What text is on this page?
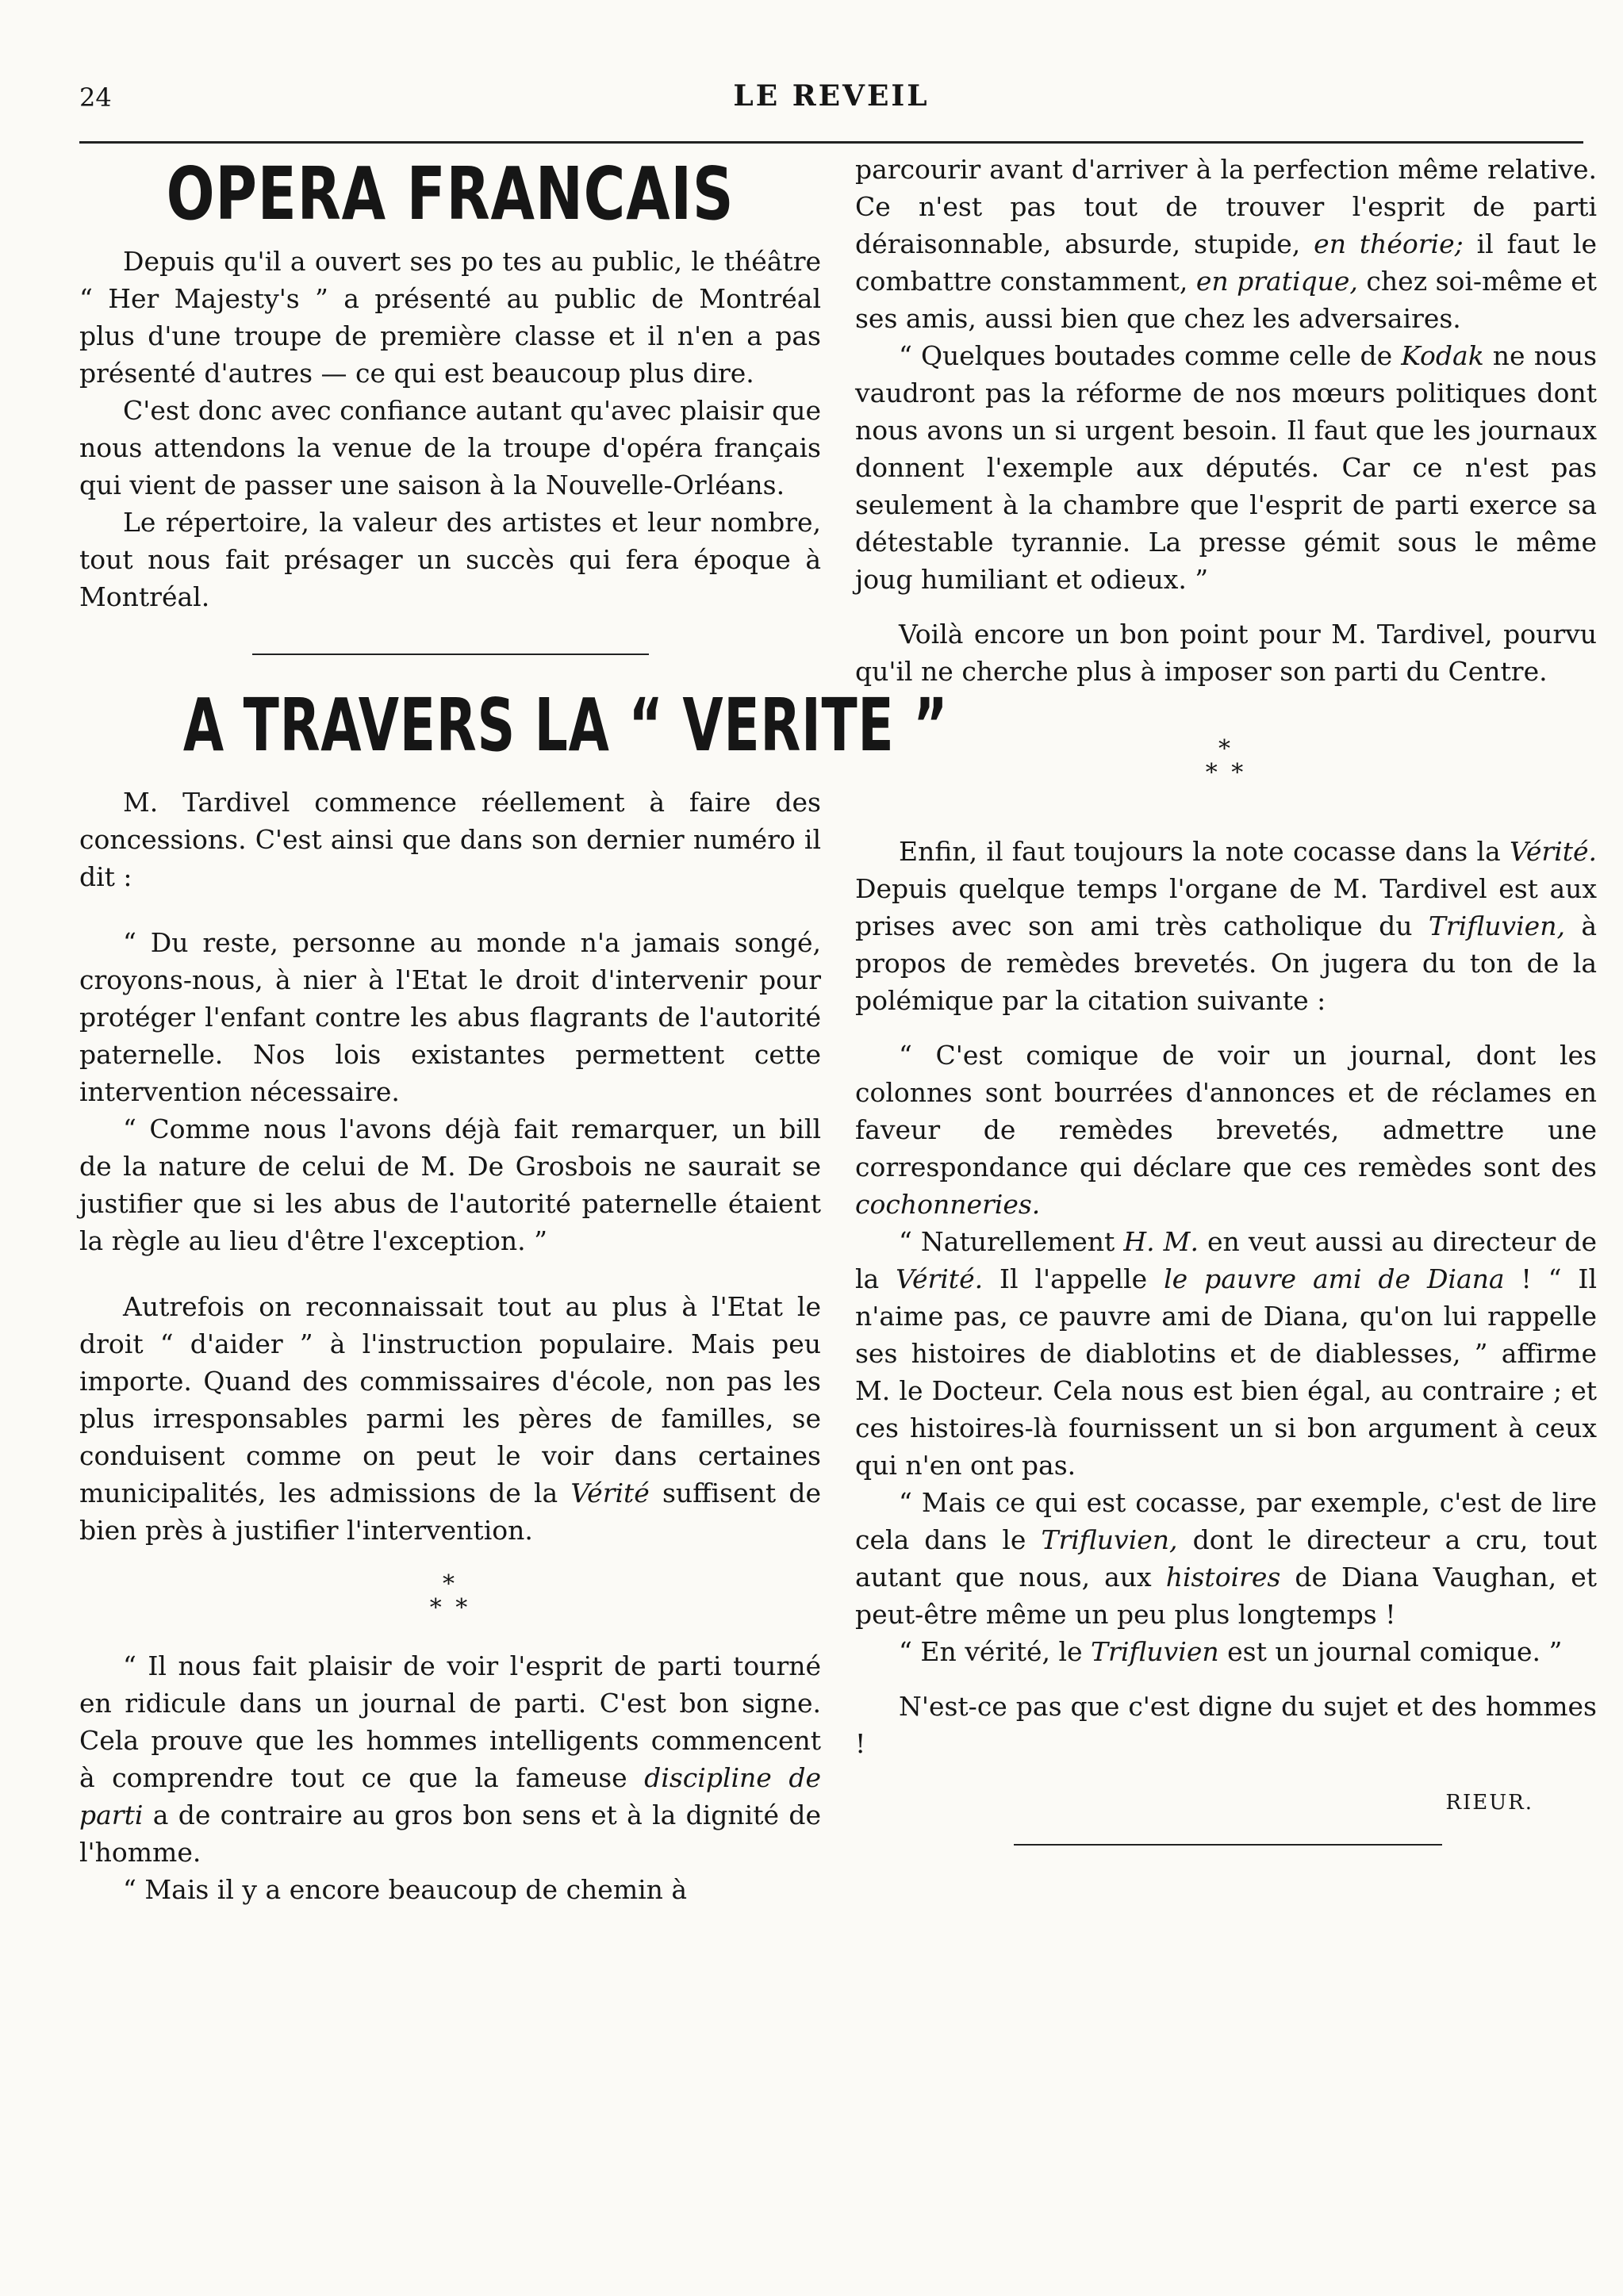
24	LE REVEIL
OPERA FRANCAIS

Depuis qu'il a ouvert ses po tes au public, le théâtre “ Her Majesty's ” a présenté au public de Montréal plus d'une troupe de première classe et il n'en a pas présenté d'autres — ce qui est beaucoup plus dire.

C'est donc avec confiance autant qu'avec plaisir que nous attendons la venue de la troupe d'opéra français qui vient de passer une saison à la Nouvelle-Orléans.

Le répertoire, la valeur des artistes et leur nombre, tout nous fait présager un succès qui fera époque à Montréal.

A TRAVERS LA “ VERITE ”

M. Tardivel commence réellement à faire des concessions. C'est ainsi que dans son dernier numéro il dit :

“ Du reste, personne au monde n'a jamais songé, croyons-nous, à nier à l'Etat le droit d'intervenir pour protéger l'enfant contre les abus flagrants de l'autorité paternelle. Nos lois existantes permettent cette intervention nécessaire.

“ Comme nous l'avons déjà fait remarquer, un bill de la nature de celui de M. De Grosbois ne saurait se justifier que si les abus de l'autorité paternelle étaient la règle au lieu d'être l'exception. ”

Autrefois on reconnaissait tout au plus à l'Etat le droit “ d'aider ” à l'instruction populaire. Mais peu importe. Quand des commissaires d'école, non pas les plus irresponsables parmi les pères de familles, se conduisent comme on peut le voir dans certaines municipalités, les admissions de la Vérité suffisent de bien près à justifier l'intervention.

*
* *

“ Il nous fait plaisir de voir l'esprit de parti tourné en ridicule dans un journal de parti. C'est bon signe. Cela prouve que les hommes intelligents commencent à comprendre tout ce que la fameuse discipline de parti a de contraire au gros bon sens et à la dignité de l'homme.

“ Mais il y a encore beaucoup de chemin à

parcourir avant d'arriver à la perfection même relative. Ce n'est pas tout de trouver l'esprit de parti déraisonnable, absurde, stupide, en théorie; il faut le combattre constamment, en pratique, chez soi-même et ses amis, aussi bien que chez les adversaires.

“ Quelques boutades comme celle de Kodak ne nous vaudront pas la réforme de nos mœurs politiques dont nous avons un si urgent besoin. Il faut que les journaux donnent l'exemple aux députés. Car ce n'est pas seulement à la chambre que l'esprit de parti exerce sa détestable tyrannie. La presse gémit sous le même joug humiliant et odieux. ”

Voilà encore un bon point pour M. Tardivel, pourvu qu'il ne cherche plus à imposer son parti du Centre.

*
* *

Enfin, il faut toujours la note cocasse dans la Vérité. Depuis quelque temps l'organe de M. Tardivel est aux prises avec son ami très catholique du Trifluvien, à propos de remèdes brevetés. On jugera du ton de la polémique par la citation suivante :

“ C'est comique de voir un journal, dont les colonnes sont bourrées d'annonces et de réclames en faveur de remèdes brevetés, admettre une correspondance qui déclare que ces remèdes sont des cochonneries.

“ Naturellement H. M. en veut aussi au directeur de la Vérité. Il l'appelle le pauvre ami de Diana ! “ Il n'aime pas, ce pauvre ami de Diana, qu'on lui rappelle ses histoires de diablotins et de diablesses, ” affirme M. le Docteur. Cela nous est bien égal, au contraire ; et ces histoires-là fournissent un si bon argument à ceux qui n'en ont pas.

“ Mais ce qui est cocasse, par exemple, c'est de lire cela dans le Trifluvien, dont le directeur a cru, tout autant que nous, aux histoires de Diana Vaughan, et peut-être même un peu plus longtemps !

“ En vérité, le Trifluvien est un journal comique. ”

N'est-ce pas que c'est digne du sujet et des hommes !

RIEUR.
